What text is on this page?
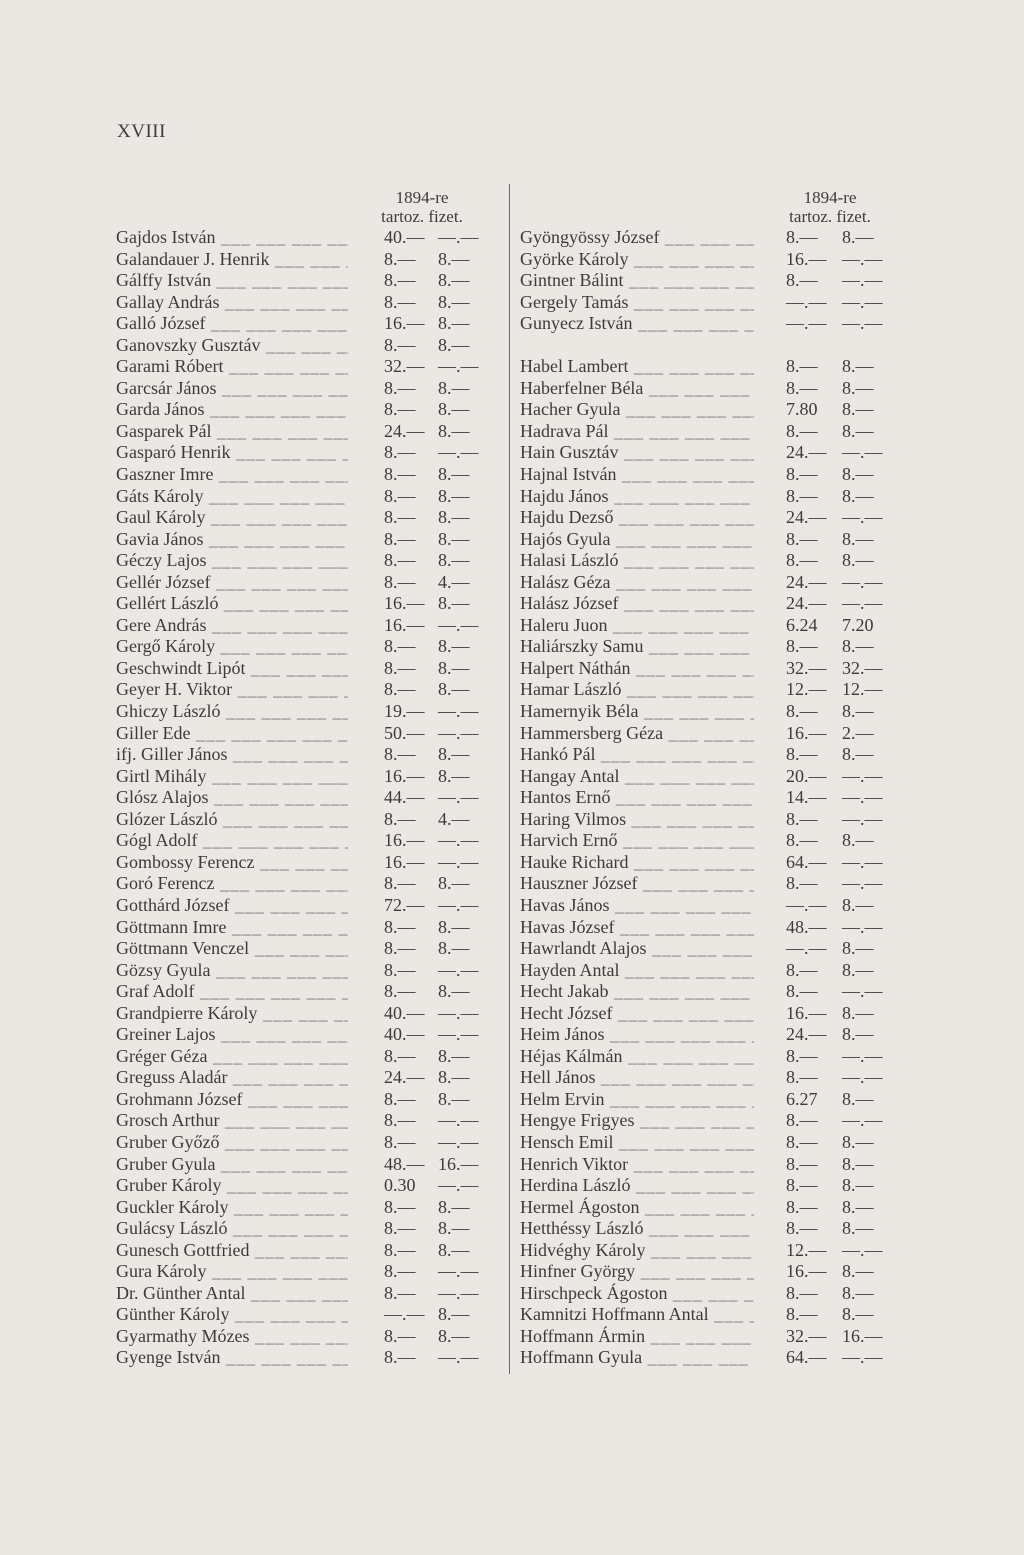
XVIII
1894-re
tartoz. fizet.
Gajdos István ___ _	40.— —.—
Galandauer J. Henrik ___ _	8.— 8.—
Gálffy István ___ _	8.— 8.—
Gallay András ___ _	8.— 8.—
Galló József ___ _	16.— 8.—
Ganovszky Gusztáv ___ _	8.— 8.—
Garami Róbert ___ _	32.— —.—
Garcsár János ___ _	8.— 8.—
Garda János ___ _	8.— 8.—
Gasparek Pál ___ _	24.— 8.—
Gasparó Henrik ___ _	8.— —.—
Gaszner Imre ___ _	8.— 8.—
Gáts Károly ___ _	8.— 8.—
Gaul Károly ___ _	8.— 8.—
Gavia János ___ _	8.— 8.—
Géczy Lajos ___ _	8.— 8.—
Gellér József ___ _	8.— 4.—
Gellért László ___ _	16.— 8.—
Gere András ___ _	16.— —.—
Gergő Károly ___ _	8.— 8.—
Geschwindt Lipót ___ _	8.— 8.—
Geyer H. Viktor ___ _	8.— 8.—
Ghiczy László ___ _	19.— —.—
Giller Ede ___ _	50.— —.—
ifj. Giller János ___ _	8.— 8.—
Girtl Mihály ___ _	16.— 8.—
Glósz Alajos ___ _	44.— —.—
Glózer László ___ _	8.— 4.—
Gógl Adolf ___ _	16.— —.—
Gombossy Ferencz ___ _	16.— —.—
Goró Ferencz ___ _	8.— 8.—
Gotthárd József ___ _	72.— —.—
Göttmann Imre ___ _	8.— 8.—
Göttmann Venczel ___ _	8.— 8.—
Gözsy Gyula ___ _	8.— —.—
Graf Adolf ___ _	8.— 8.—
Grandpierre Károly ___ _	40.— —.—
Greiner Lajos ___ _	40.— —.—
Gréger Géza ___ _	8.— 8.—
Greguss Aladár ___ _	24.— 8.—
Grohmann József ___ _	8.— 8.—
Grosch Arthur ___ _	8.— —.—
Gruber Győző ___ _	8.— —.—
Gruber Gyula ___ _	48.— 16.—
Gruber Károly ___ _	0.30 —.—
Guckler Károly ___ _	8.— 8.—
Gulácsy László ___ _	8.— 8.—
Gunesch Gottfried ___ _	8.— 8.—
Gura Károly ___ _	8.— —.—
Dr. Günther Antal ___ _	8.— —.—
Günther Károly ___ _	—.— 8.—
Gyarmathy Mózes ___ _	8.— 8.—
Gyenge István ___ _	8.— —.—
1894-re
tartoz. fizet.
Gyöngyössy József ___ _	8.— 8.—
Györke Károly ___ _	16.— —.—
Gintner Bálint ___ _	8.— —.—
Gergely Tamás ___ _	—.— —.—
Gunyecz István ___ _	—.— —.—
Habel Lambert ___ _	8.— 8.—
Haberfelner Béla ___ _	8.— 8.—
Hacher Gyula ___ _	7.80 8.—
Hadrava Pál ___ _	8.— 8.—
Hain Gusztáv ___ _	24.— —.—
Hajnal István ___ _	8.— 8.—
Hajdu János ___ _	8.— 8.—
Hajdu Dezső ___ _	24.— —.—
Hajós Gyula ___ _	8.— 8.—
Halasi László ___ _	8.— 8.—
Halász Géza ___ _	24.— —.—
Halász József ___ _	24.— —.—
Haleru Juon ___ _	6.24 7.20
Haliárszky Samu ___ _	8.— 8.—
Halpert Náthán ___ _	32.— 32.—
Hamar László ___ _	12.— 12.—
Hamernyik Béla ___ _	8.— 8.—
Hammersberg Géza ___ _	16.— 2.—
Hankó Pál ___ _	8.— 8.—
Hangay Antal ___ _	20.— —.—
Hantos Ernő ___ _	14.— —.—
Haring Vilmos ___ _	8.— —.—
Harvich Ernő ___ _	8.— 8.—
Hauke Richard ___ _	64.— —.—
Hauszner József ___ _	8.— —.—
Havas János ___ _	—.— 8.—
Havas József ___ _	48.— —.—
Hawrlandt Alajos ___ _	—.— 8.—
Hayden Antal ___ _	8.— 8.—
Hecht Jakab ___ _	8.— —.—
Hecht József ___ _	16.— 8.—
Heim János ___ _	24.— 8.—
Héjas Kálmán ___ _	8.— —.—
Hell János ___ _	8.— —.—
Helm Ervin ___ _	6.27 8.—
Hengye Frigyes ___ _	8.— —.—
Hensch Emil ___ _	8.— 8.—
Henrich Viktor ___ _	8.— 8.—
Herdina László ___ _	8.— 8.—
Hermel Ágoston ___ _	8.— 8.—
Hetthéssy László ___ _	8.— 8.—
Hidvéghy Károly ___ _	12.— —.—
Hinfner György ___ _	16.— 8.—
Hirschpeck Ágoston ___ _	8.— 8.—
Kamnitzi Hoffmann Antal ___ _	8.— 8.—
Hoffmann Ármin ___ _	32.— 16.—
Hoffmann Gyula ___ _	64.— —.—
